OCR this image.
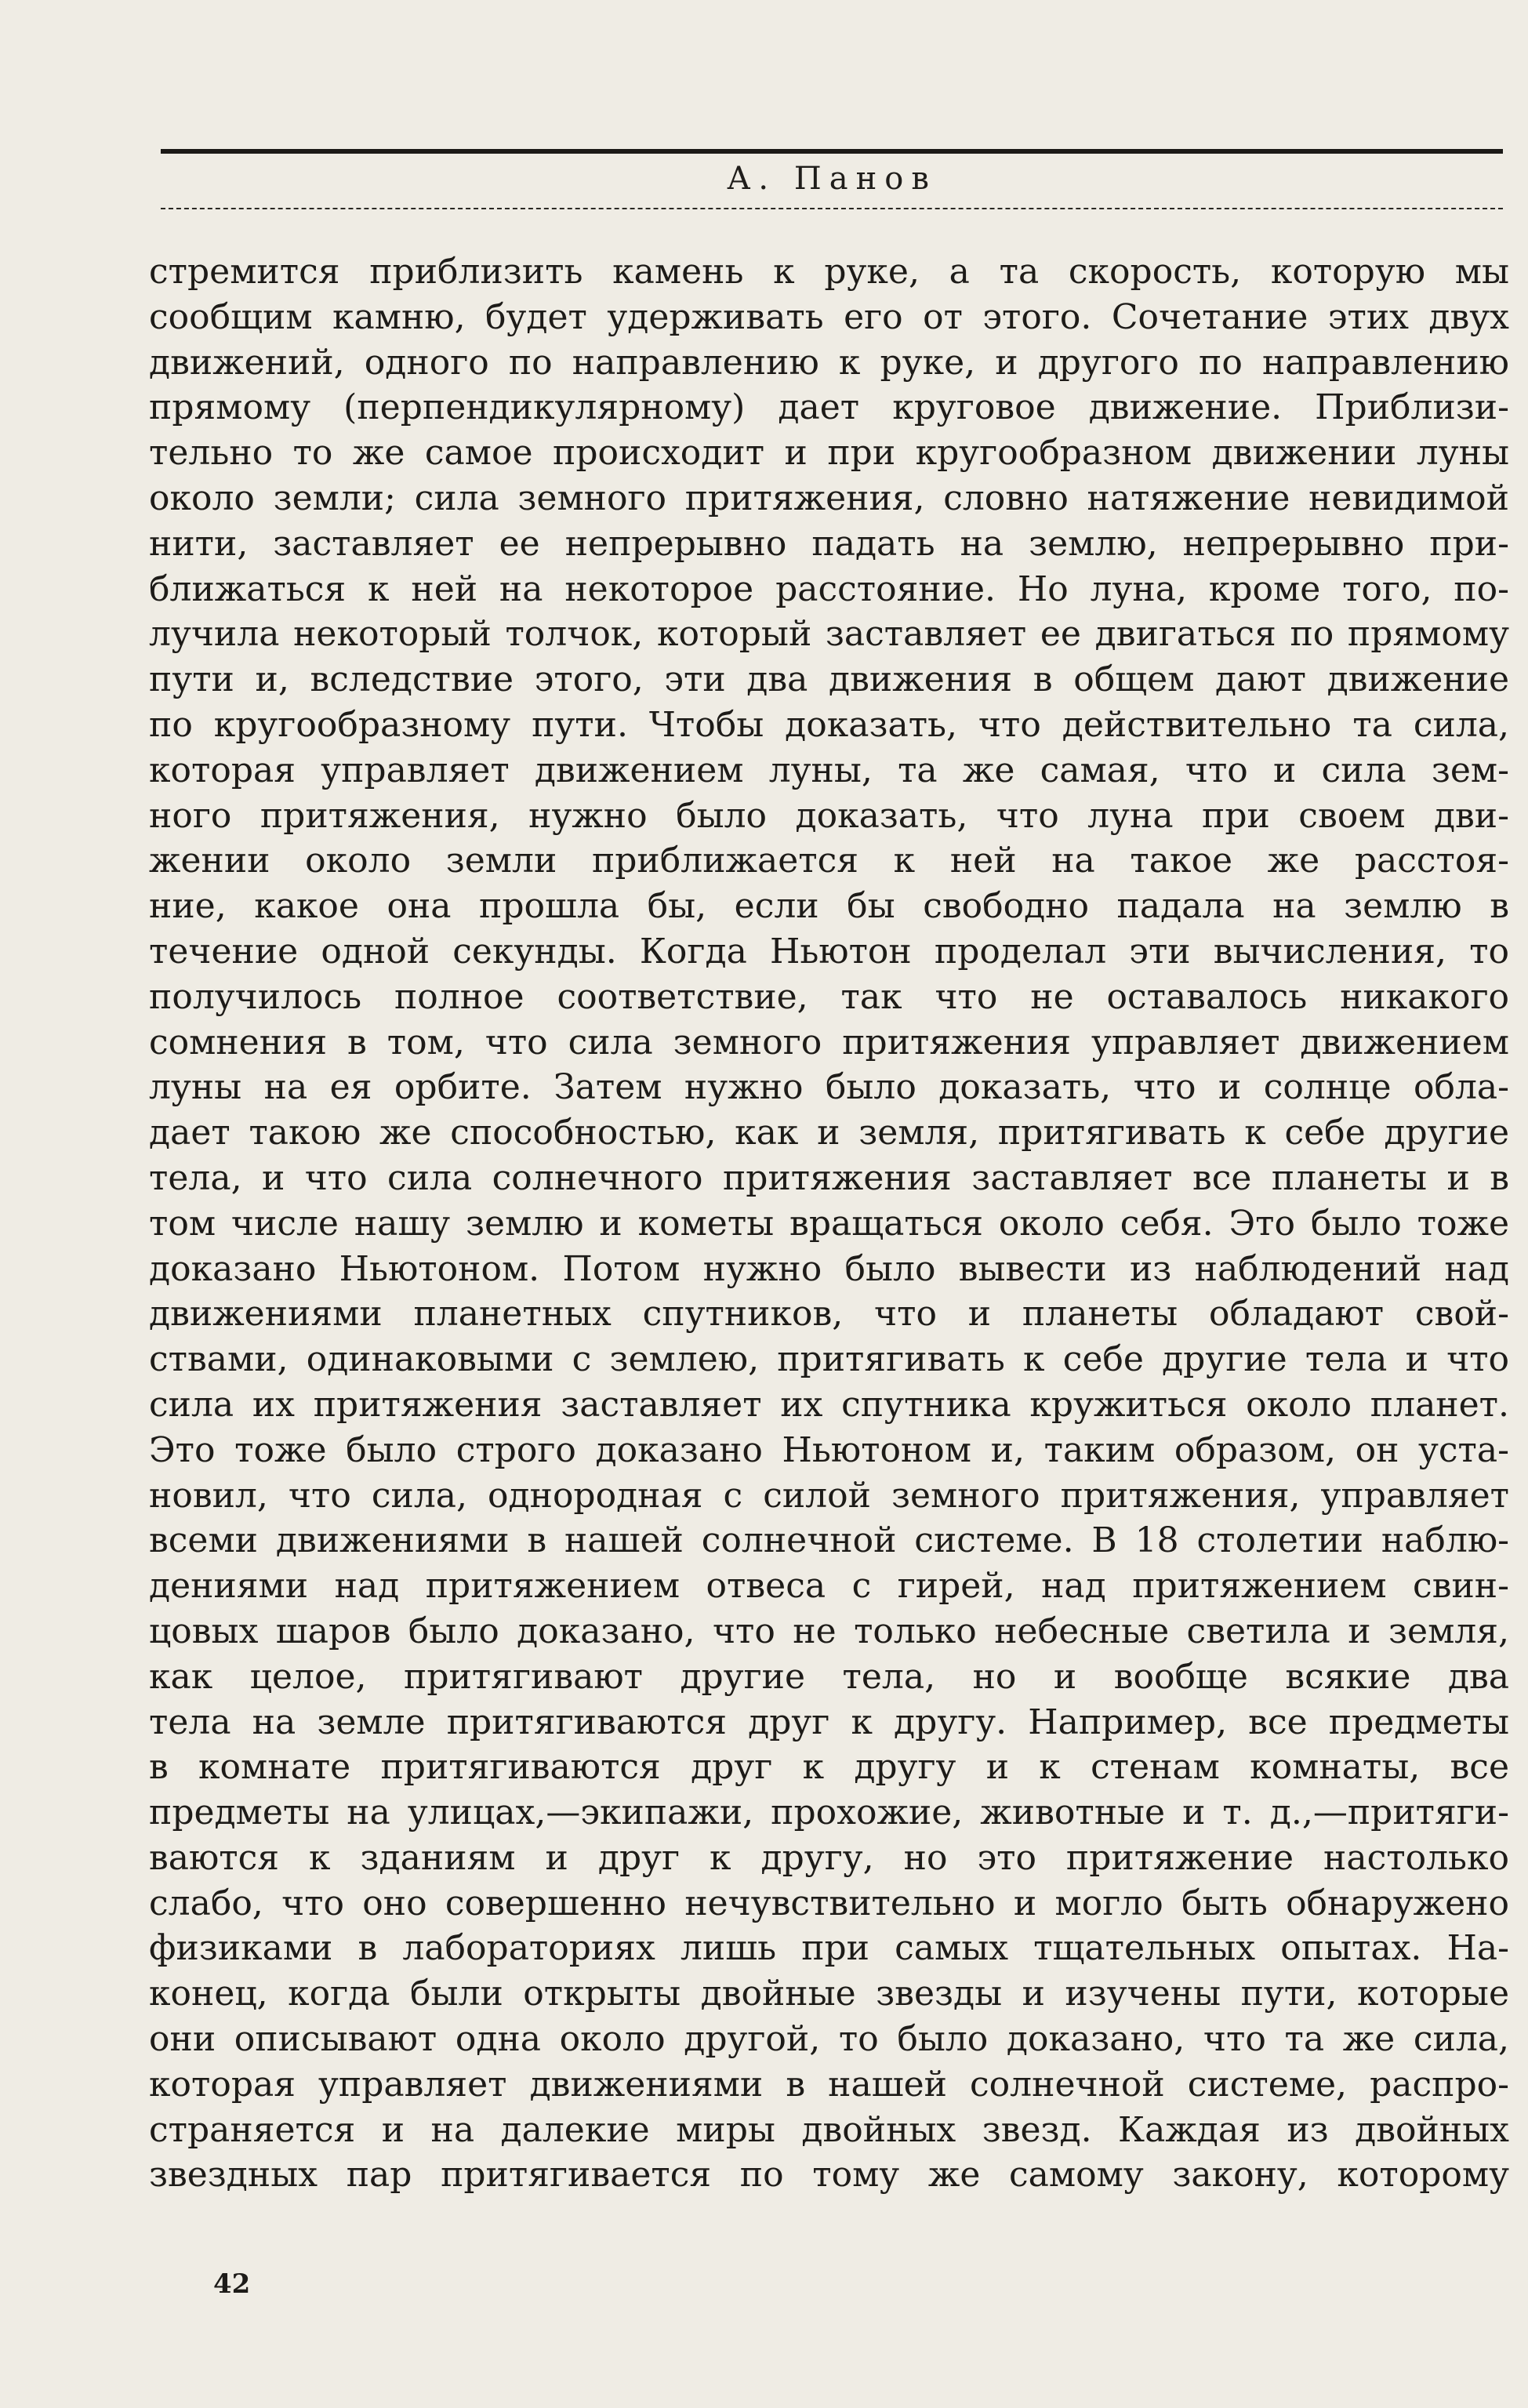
А. Панов
стремится приблизить камень к руке, а та скорость, которую мы
сообщим камню, будет удерживать его от этого. Сочетание этих двух
движений, одного по направлению к руке, и другого по направлению
прямому (перпендикулярному) дает круговое движение. Приблизи-
тельно то же самое происходит и при кругообразном движении луны
около земли; сила земного притяжения, словно натяжение невидимой
нити, заставляет ее непрерывно падать на землю, непрерывно при-
ближаться к ней на некоторое расстояние. Но луна, кроме того, по-
лучила некоторый толчок, который заставляет ее двигаться по прямому
пути и, вследствие этого, эти два движения в общем дают движение
по кругообразному пути. Чтобы доказать, что действительно та сила,
которая управляет движением луны, та же самая, что и сила зем-
ного притяжения, нужно было доказать, что луна при своем дви-
жении около земли приближается к ней на такое же расстоя-
ние, какое она прошла бы, если бы свободно падала на землю в
течение одной секунды. Когда Ньютон проделал эти вычисления, то
получилось полное соответствие, так что не оставалось никакого
сомнения в том, что сила земного притяжения управляет движением
луны на ея орбите. Затем нужно было доказать, что и солнце обла-
дает такою же способностью, как и земля, притягивать к себе другие
тела, и что сила солнечного притяжения заставляет все планеты и в
том числе нашу землю и кометы вращаться около себя. Это было тоже
доказано Ньютоном. Потом нужно было вывести из наблюдений над
движениями планетных спутников, что и планеты обладают свой-
ствами, одинаковыми с землею, притягивать к себе другие тела и что
сила их притяжения заставляет их спутника кружиться около планет.
Это тоже было строго доказано Ньютоном и, таким образом, он уста-
новил, что сила, однородная с силой земного притяжения, управляет
всеми движениями в нашей солнечной системе. В 18 столетии наблю-
дениями над притяжением отвеса с гирей, над притяжением свин-
цовых шаров было доказано, что не только небесные светила и земля,
как целое, притягивают другие тела, но и вообще всякие два
тела на земле притягиваются друг к другу. Например, все предметы
в комнате притягиваются друг к другу и к стенам комнаты, все
предметы на улицах,—экипажи, прохожие, животные и т. д.,—притяги-
ваются к зданиям и друг к другу, но это притяжение настолько
слабо, что оно совершенно нечувствительно и могло быть обнаружено
физиками в лабораториях лишь при самых тщательных опытах. На-
конец, когда были открыты двойные звезды и изучены пути, которые
они описывают одна около другой, то было доказано, что та же сила,
которая управляет движениями в нашей солнечной системе, распро-
страняется и на далекие миры двойных звезд. Каждая из двойных
звездных пар притягивается по тому же самому закону, которому
42
